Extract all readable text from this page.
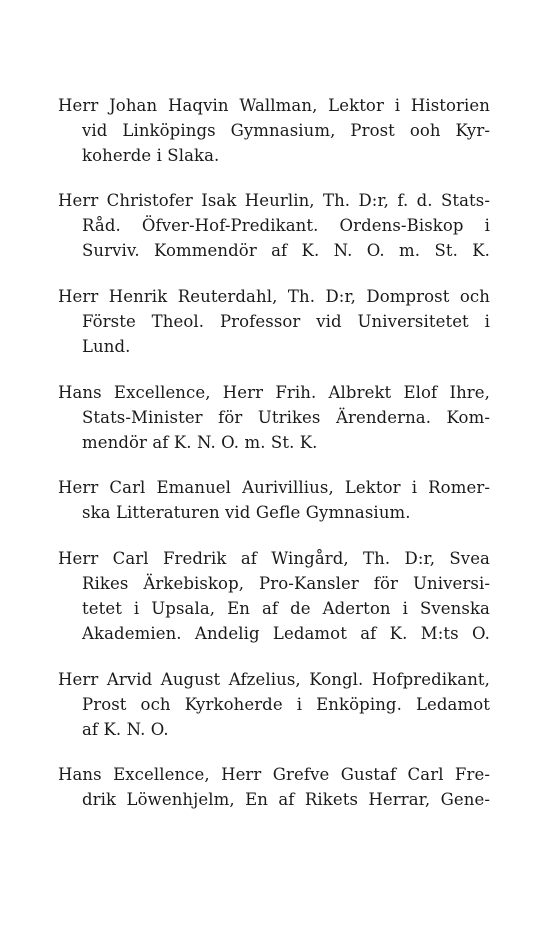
Herr Johan Haqvin Wallman, Lektor i Historien
vid Linköpings Gymnasium, Prost ooh Kyr-
koherde i Slaka.
Herr Christofer Isak Heurlin, Th. D:r, f. d. Stats-
Råd. Öfver-Hof-Predikant. Ordens-Biskop i
Surviv. Kommendör af K. N. O. m. St. K.
Herr Henrik Reuterdahl, Th. D:r, Domprost och
Förste Theol. Professor vid Universitetet i
Lund.
Hans Excellence, Herr Frih. Albrekt Elof Ihre,
Stats-Minister för Utrikes Ärenderna. Kom-
mendör af K. N. O. m. St. K.
Herr Carl Emanuel Aurivillius, Lektor i Romer-
ska Litteraturen vid Gefle Gymnasium.
Herr Carl Fredrik af Wingård, Th. D:r, Svea
Rikes Ärkebiskop, Pro-Kansler för Universi-
tetet i Upsala, En af de Aderton i Svenska
Akademien. Andelig Ledamot af K. M:ts O.
Herr Arvid August Afzelius, Kongl. Hofpredikant,
Prost och Kyrkoherde i Enköping. Ledamot
af K. N. O.
Hans Excellence, Herr Grefve Gustaf Carl Fre-
drik Löwenhjelm, En af Rikets Herrar, Gene-
